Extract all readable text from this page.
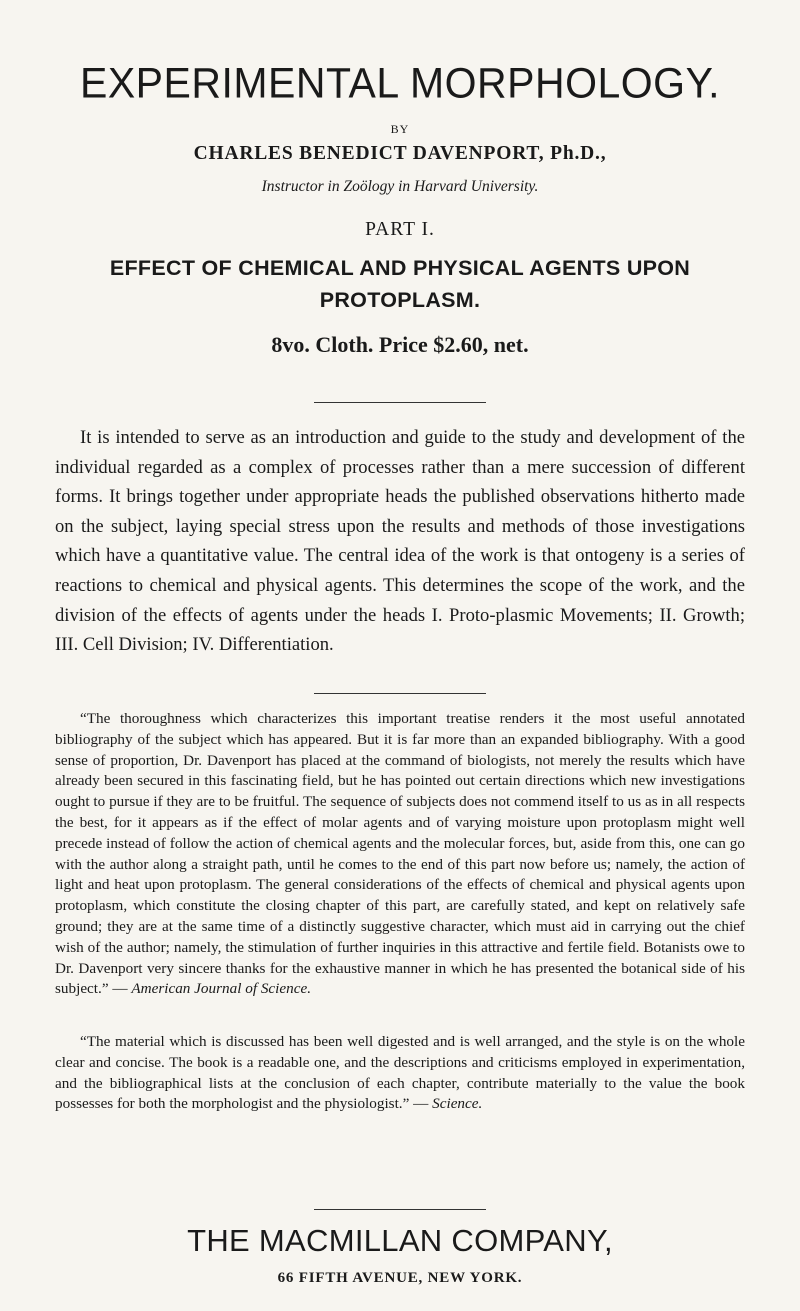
EXPERIMENTAL MORPHOLOGY.
BY
CHARLES BENEDICT DAVENPORT, Ph.D.,
Instructor in Zoölogy in Harvard University.
PART I.
EFFECT OF CHEMICAL AND PHYSICAL AGENTS UPON
PROTOPLASM.
8vo. Cloth. Price $2.60, net.

It is intended to serve as an introduction and guide to the study and development of the individual regarded as a complex of processes rather than a mere succession of different forms. It brings together under appropriate heads the published observations hitherto made on the subject, laying special stress upon the results and methods of those investigations which have a quantitative value. The central idea of the work is that ontogeny is a series of reactions to chemical and physical agents. This determines the scope of the work, and the division of the effects of agents under the heads I. Proto-plasmic Movements; II. Growth; III. Cell Division; IV. Differentiation.

“The thoroughness which characterizes this important treatise renders it the most useful annotated bibliography of the subject which has appeared. But it is far more than an expanded bibliography. With a good sense of proportion, Dr. Davenport has placed at the command of biologists, not merely the results which have already been secured in this fascinating field, but he has pointed out certain directions which new investigations ought to pursue if they are to be fruitful. The sequence of subjects does not commend itself to us as in all respects the best, for it appears as if the effect of molar agents and of varying moisture upon protoplasm might well precede instead of follow the action of chemical agents and the molecular forces, but, aside from this, one can go with the author along a straight path, until he comes to the end of this part now before us; namely, the action of light and heat upon protoplasm. The general considerations of the effects of chemical and physical agents upon protoplasm, which constitute the closing chapter of this part, are carefully stated, and kept on relatively safe ground; they are at the same time of a distinctly suggestive character, which must aid in carrying out the chief wish of the author; namely, the stimulation of further inquiries in this attractive and fertile field. Botanists owe to Dr. Davenport very sincere thanks for the exhaustive manner in which he has presented the botanical side of his subject.” — American Journal of Science.

“The material which is discussed has been well digested and is well arranged, and the style is on the whole clear and concise. The book is a readable one, and the descriptions and criticisms employed in experimentation, and the bibliographical lists at the conclusion of each chapter, contribute materially to the value the book possesses for both the morphologist and the physiologist.” — Science.

THE MACMILLAN COMPANY,
66 FIFTH AVENUE, NEW YORK.
